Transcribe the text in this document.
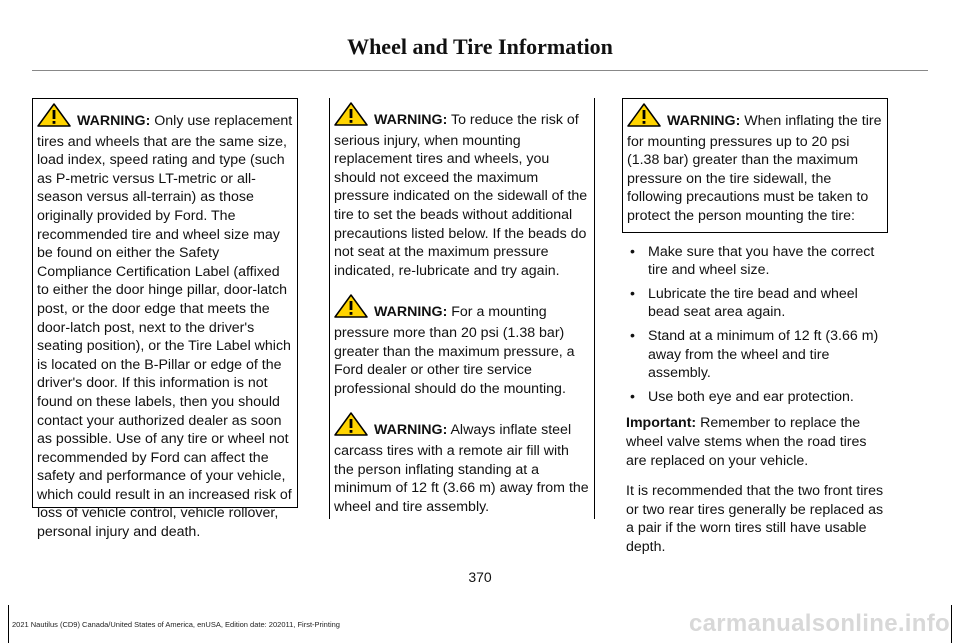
Wheel and Tire Information

WARNING: Only use replacement tires and wheels that are the same size, load index, speed rating and type (such as P-metric versus LT-metric or all-season versus all-terrain) as those originally provided by Ford. The recommended tire and wheel size may be found on either the Safety Compliance Certification Label (affixed to either the door hinge pillar, door-latch post, or the door edge that meets the door-latch post, next to the driver's seating position), or the Tire Label which is located on the B-Pillar or edge of the driver's door. If this information is not found on these labels, then you should contact your authorized dealer as soon as possible. Use of any tire or wheel not recommended by Ford can affect the safety and performance of your vehicle, which could result in an increased risk of loss of vehicle control, vehicle rollover, personal injury and death.

WARNING: To reduce the risk of serious injury, when mounting replacement tires and wheels, you should not exceed the maximum pressure indicated on the sidewall of the tire to set the beads without additional precautions listed below. If the beads do not seat at the maximum pressure indicated, re-lubricate and try again.

WARNING: For a mounting pressure more than 20 psi (1.38 bar) greater than the maximum pressure, a Ford dealer or other tire service professional should do the mounting.

WARNING: Always inflate steel carcass tires with a remote air fill with the person inflating standing at a minimum of 12 ft (3.66 m) away from the wheel and tire assembly.

WARNING: When inflating the tire for mounting pressures up to 20 psi (1.38 bar) greater than the maximum pressure on the tire sidewall, the following precautions must be taken to protect the person mounting the tire:

• Make sure that you have the correct tire and wheel size.
• Lubricate the tire bead and wheel bead seat area again.
• Stand at a minimum of 12 ft (3.66 m) away from the wheel and tire assembly.
• Use both eye and ear protection.

Important: Remember to replace the wheel valve stems when the road tires are replaced on your vehicle.

It is recommended that the two front tires or two rear tires generally be replaced as a pair if the worn tires still have usable depth.

370
2021 Nautilus (CD9) Canada/United States of America, enUSA, Edition date: 202011, First-Printing	carmanualsonline.info
